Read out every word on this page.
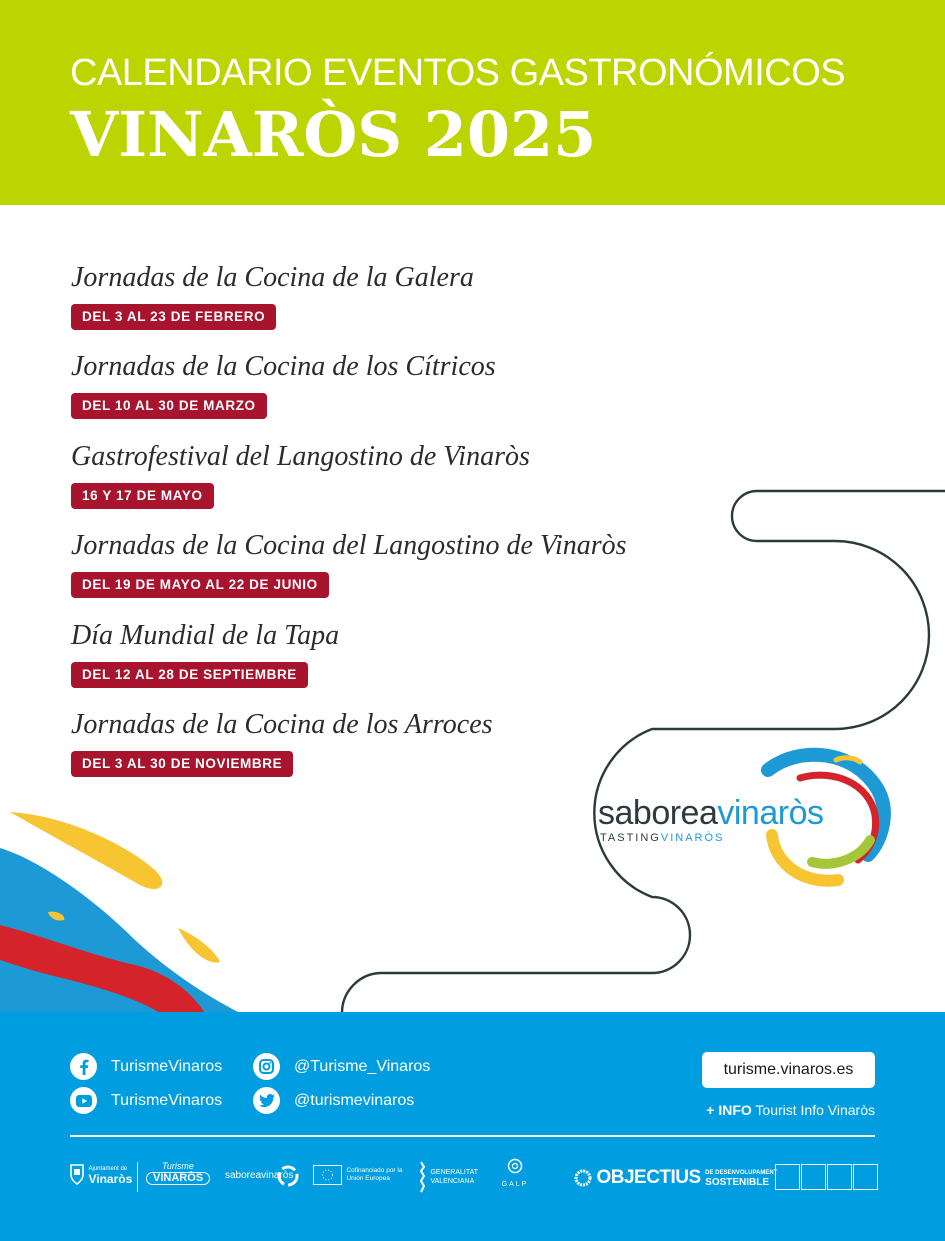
CALENDARIO EVENTOS GASTRONÓMICOS
VINARÒS 2025
saboreavinaròs
TASTINGVINARÒS
Jornadas de la Cocina de la Galera
DEL 3 AL 23 DE FEBRERO
Jornadas de la Cocina de los Cítricos
DEL 10 AL 30 DE MARZO
Gastrofestival del Langostino de Vinaròs
16 Y 17 DE MAYO
Jornadas de la Cocina del Langostino de Vinaròs
DEL 19 DE MAYO AL 22 DE JUNIO
Día Mundial de la Tapa
DEL 12 AL 28 DE SEPTIEMBRE
Jornadas de la Cocina de los Arroces
DEL 3 AL 30 DE NOVIEMBRE
TurismeVinaros
TurismeVinaros
@Turisme_Vinaros
@turismevinaros
turisme.vinaros.es
+ INFO Tourist Info Vinaròs

Ajuntament de
Vinaròs
Turisme
VINARÒS	saboreavinaròs	Cofinanciado por la Unión Europea
GENERALITAT VALENCIANA	GALP	OBJECTIUS DE DESENVOLUPAMENT
SOSTENIBLE
